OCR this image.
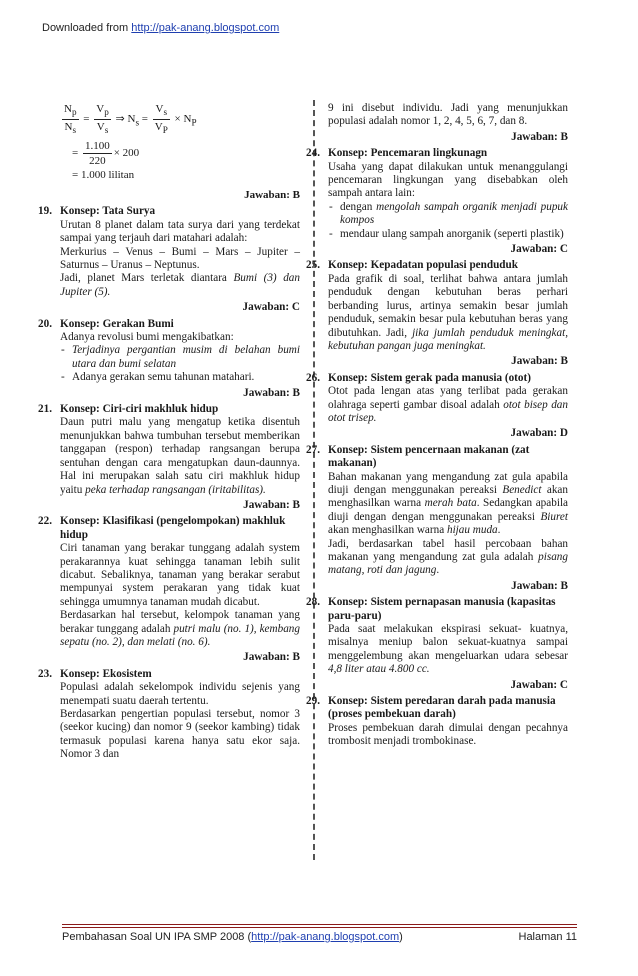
Downloaded from http://pak-anang.blogspot.com
$\frac{N_p}{N_s} = \frac{V_p}{V_s}$ ⇒ $N_s = \frac{V_s}{V_P} \times N_P$
= $\frac{1.100}{220} \times 200$
= 1.000 lilitan
Jawaban: B
19. Konsep: Tata Surya
Urutan 8 planet dalam tata surya dari yang terdekat sampai yang terjauh dari matahari adalah:
Merkurius – Venus – Bumi – Mars – Jupiter – Saturnus – Uranus – Neptunus.
Jadi, planet Mars terletak diantara Bumi (3) dan Jupiter (5).
Jawaban: C
20. Konsep: Gerakan Bumi
Adanya revolusi bumi mengakibatkan:
- Terjadinya pergantian musim di belahan bumi utara dan bumi selatan
- Adanya gerakan semu tahunan matahari.
Jawaban: B
21. Konsep: Ciri-ciri makhluk hidup
Daun putri malu yang mengatup ketika disentuh menunjukkan bahwa tumbuhan tersebut memberikan tanggapan (respon) terhadap rangsangan berupa sentuhan dengan cara mengatupkan daun-daunnya. Hal ini merupakan salah satu ciri makhluk hidup yaitu peka terhadap rangsangan (iritabilitas).
Jawaban: B
22. Konsep: Klasifikasi (pengelompokan) makhluk hidup
Ciri tanaman yang berakar tunggang adalah system perakarannya kuat sehingga tanaman lebih sulit dicabut. Sebaliknya, tanaman yang berakar serabut mempunyai system perakaran yang tidak kuat sehingga umumnya tanaman mudah dicabut.
Berdasarkan hal tersebut, kelompok tanaman yang berakar tunggang adalah putri malu (no. 1), kembang sepatu (no. 2), dan melati (no. 6).
Jawaban: B
23. Konsep: Ekosistem
Populasi adalah sekelompok individu sejenis yang menempati suatu daerah tertentu.
Berdasarkan pengertian populasi tersebut, nomor 3 (seekor kucing) dan nomor 9 (seekor kambing) tidak termasuk populasi karena hanya satu ekor saja. Nomor 3 dan
9 ini disebut individu. Jadi yang menunjukkan populasi adalah nomor 1, 2, 4, 5, 6, 7, dan 8.
Jawaban: B
24. Konsep: Pencemaran lingkunagn
Usaha yang dapat dilakukan untuk menanggulangi pencemaran lingkungan yang disebabkan oleh sampah antara lain:
- dengan mengolah sampah organik menjadi pupuk kompos
- mendaur ulang sampah anorganik (seperti plastik)
Jawaban: C
25. Konsep: Kepadatan populasi penduduk
Pada grafik di soal, terlihat bahwa antara jumlah penduduk dengan kebutuhan beras perhari berbanding lurus, artinya semakin besar jumlah penduduk, semakin besar pula kebutuhan beras yang dibutuhkan. Jadi, jika jumlah penduduk meningkat, kebutuhan pangan juga meningkat.
Jawaban: B
26. Konsep: Sistem gerak pada manusia (otot)
Otot pada lengan atas yang terlibat pada gerakan olahraga seperti gambar disoal adalah otot bisep dan otot trisep.
Jawaban: D
27. Konsep: Sistem pencernaan makanan (zat makanan)
Bahan makanan yang mengandung zat gula apabila diuji dengan menggunakan pereaksi Benedict akan menghasilkan warna merah bata. Sedangkan apabila diuji dengan dengan menggunakan pereaksi Biuret akan menghasilkan warna hijau muda.
Jadi, berdasarkan tabel hasil percobaan bahan makanan yang mengandung zat gula adalah pisang matang, roti dan jagung.
Jawaban: B
28. Konsep: Sistem pernapasan manusia (kapasitas paru-paru)
Pada saat melakukan ekspirasi sekuat- kuatnya, misalnya meniup balon sekuat-kuatnya sampai menggelembung akan mengeluarkan udara sebesar 4,8 liter atau 4.800 cc.
Jawaban: C
29. Konsep: Sistem peredaran darah pada manusia (proses pembekuan darah)
Proses pembekuan darah dimulai dengan pecahnya trombosit menjadi trombokinase.
Pembahasan Soal UN IPA SMP 2008 (http://pak-anang.blogspot.com)	Halaman 11
